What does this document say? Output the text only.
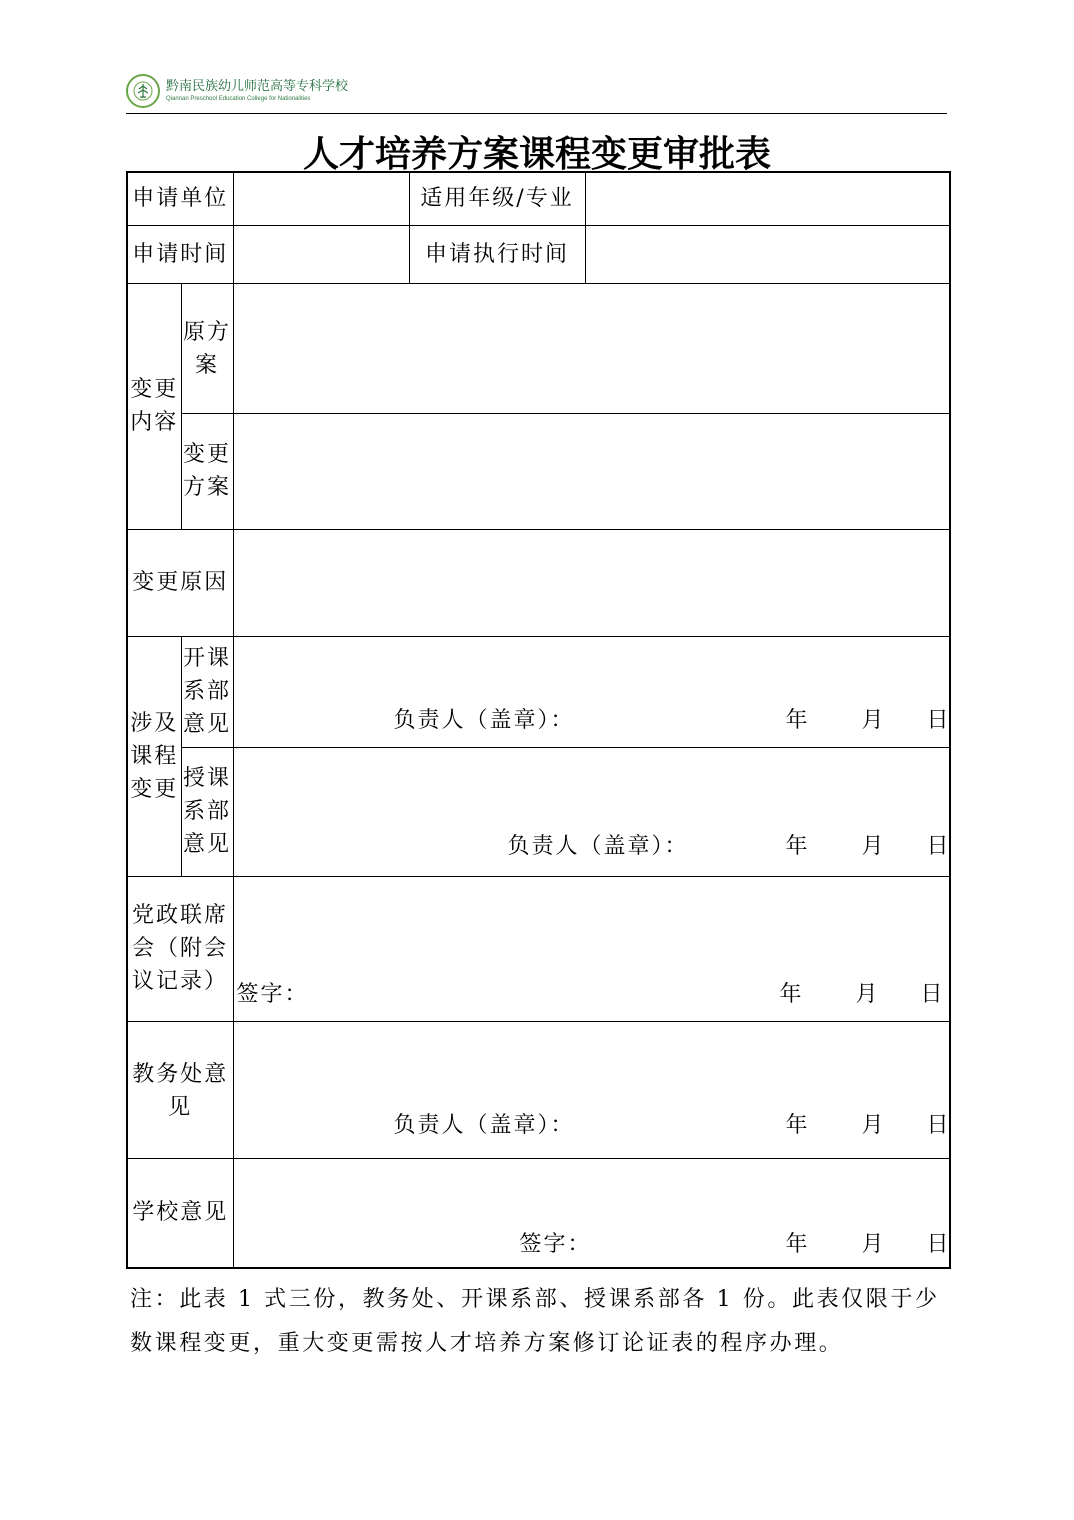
黔南民族幼儿师范高等专科学校
Qiannan Preschool Education College for Nationalities
人才培养方案课程变更审批表
申请单位			适用年级/专业	
申请时间			申请执行时间	
变更内容	原方案			
	变更方案			
变更原因				
涉及课程变更	开课系部意见	负责人（盖章）： 年 月 日		

	授课系部意见	负责人（盖章）： 年 月 日		

党政联席会（附会议记录）		签字： 年 月 日		

教务处意见		负责人（盖章）： 年 月 日		

学校意见		签字： 年 月 日		
注：此表 1 式三份，教务处、开课系部、授课系部各 1 份。此表仅限于少数课程变更，重大变更需按人才培养方案修订论证表的程序办理。
